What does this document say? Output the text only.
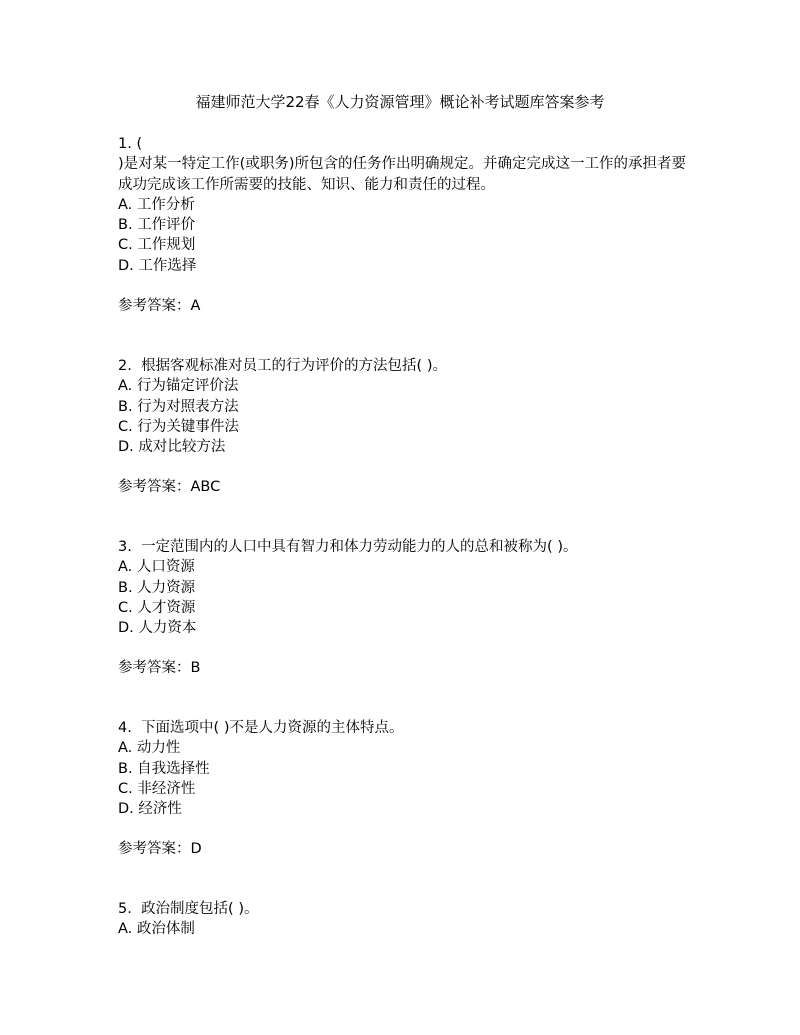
福建师范大学22春《人力资源管理》概论补考试题库答案参考
1. (
)是对某一特定工作(或职务)所包含的任务作出明确规定。并确定完成这一工作的承担者要成功完成该工作所需要的技能、知识、能力和责任的过程。
A. 工作分析
B. 工作评价
C. 工作规划
D. 工作选择
参考答案：A
2. 根据客观标准对员工的行为评价的方法包括( )。
A. 行为锚定评价法
B. 行为对照表方法
C. 行为关键事件法
D. 成对比较方法
参考答案：ABC
3. 一定范围内的人口中具有智力和体力劳动能力的人的总和被称为( )。
A. 人口资源
B. 人力资源
C. 人才资源
D. 人力资本
参考答案：B
4. 下面选项中( )不是人力资源的主体特点。
A. 动力性
B. 自我选择性
C. 非经济性
D. 经济性
参考答案：D
5. 政治制度包括( )。
A. 政治体制
